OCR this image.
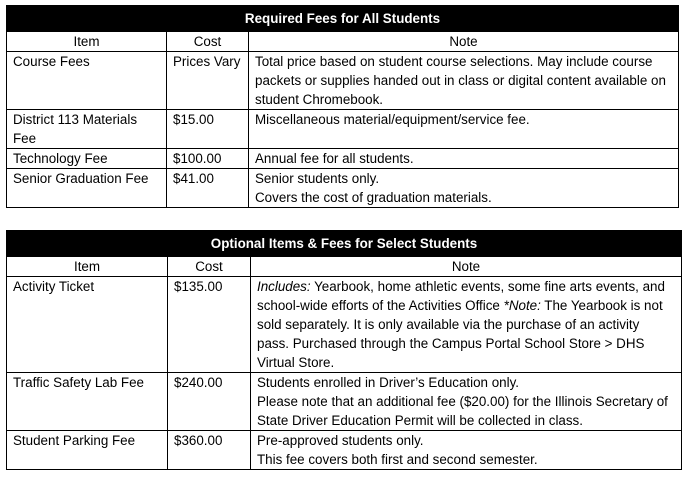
Required Fees for All Students		
Item	Cost	Note
Course Fees	Prices Vary	Total price based on student course selections. May include course packets or supplies handed out in class or digital content available on student Chromebook.

District 113 Materials Fee	$15.00	Miscellaneous material/equipment/service fee.

Technology Fee	$100.00	Annual fee for all students.

Senior Graduation Fee	$41.00	Senior students only.
Covers the cost of graduation materials.
Optional Items & Fees for Select Students		
Item	Cost	Note
Activity Ticket	$135.00	Includes: Yearbook, home athletic events, some fine arts events, and school-wide efforts of the Activities Office *Note: The Yearbook is not sold separately. It is only available via the purchase of an activity pass. Purchased through the Campus Portal School Store > DHS Virtual Store.
Traffic Safety Lab Fee	$240.00	Students enrolled in Driver’s Education only.
Please note that an additional fee ($20.00) for the Illinois Secretary of State Driver Education Permit will be collected in class.

Student Parking Fee	$360.00	Pre-approved students only.
This fee covers both first and second semester.
